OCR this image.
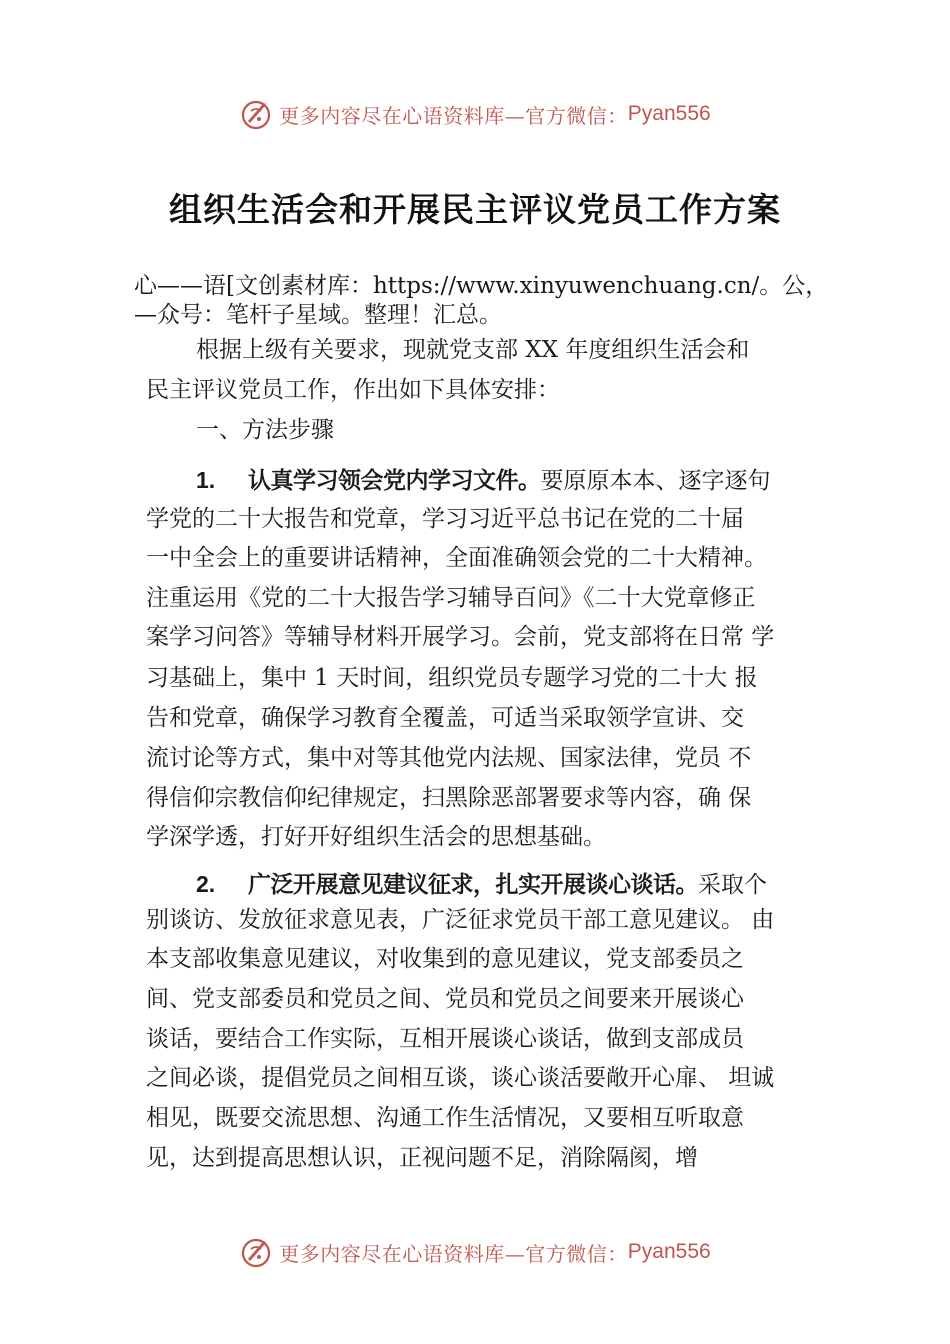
更多内容尽在心语资料库—官方微信： Pyan556
组织生活会和开展民主评议党员工作方案
心——语[文创素材库：https://www.xinyuwenchuang.cn/。公，
—众号：笔杆子星域。整理！汇总。
根据上级有关要求，现就党支部 XX 年度组织生活会和
民主评议党员工作，作出如下具体安排：
一、方法步骤
1. 认真学习领会党内学习文件。要原原本本、逐字逐句
学党的二十大报告和党章，学习习近平总书记在党的二十届
一中全会上的重要讲话精神，全面准确领会党的二十大精神。
注重运用《党的二十大报告学习辅导百问》《二十大党章修正
案学习问答》等辅导材料开展学习。会前，党支部将在日常 学
习基础上，集中 1 天时间，组织党员专题学习党的二十大 报
告和党章，确保学习教育全覆盖，可适当采取领学宣讲、交
流讨论等方式，集中对等其他党内法规、国家法律，党员 不
得信仰宗教信仰纪律规定，扫黑除恶部署要求等内容，确 保
学深学透，打好开好组织生活会的思想基础。
2. 广泛开展意见建议征求，扎实开展谈心谈话。采取个
别谈访、发放征求意见表，广泛征求党员干部工意见建议。 由
本支部收集意见建议，对收集到的意见建议，党支部委员之
间、党支部委员和党员之间、党员和党员之间要来开展谈心
谈话，要结合工作实际，互相开展谈心谈话，做到支部成员
之间必谈，提倡党员之间相互谈，谈心谈活要敞开心扉、 坦诚
相见，既要交流思想、沟通工作生活情况，又要相互听取意
见，达到提高思想认识，正视问题不足，消除隔阂，增
更多内容尽在心语资料库—官方微信： Pyan556
